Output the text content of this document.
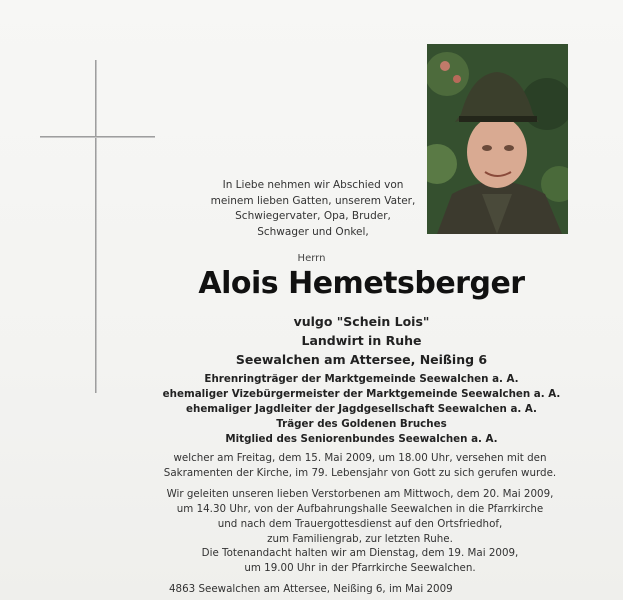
In Liebe nehmen wir Abschied von
meinem lieben Gatten, unserem Vater,
Schwiegervater, Opa, Bruder,
Schwager und Onkel,
Herrn
Alois Hemetsberger
vulgo "Schein Lois"
Landwirt in Ruhe
Seewalchen am Attersee, Neißing 6
Ehrenringträger der Marktgemeinde Seewalchen a. A.
ehemaliger Vizebürgermeister der Marktgemeinde Seewalchen a. A.
ehemaliger Jagdleiter der Jagdgesellschaft Seewalchen a. A.
Träger des Goldenen Bruches
Mitglied des Seniorenbundes Seewalchen a. A.
welcher am Freitag, dem 15. Mai 2009, um 18.00 Uhr, versehen mit den
Sakramenten der Kirche, im 79. Lebensjahr von Gott zu sich gerufen wurde.
Wir geleiten unseren lieben Verstorbenen am Mittwoch, dem 20. Mai 2009,
um 14.30 Uhr, von der Aufbahrungshalle Seewalchen in die Pfarrkirche
und nach dem Trauergottesdienst auf den Ortsfriedhof,
zum Familiengrab, zur letzten Ruhe.
Die Totenandacht halten wir am Dienstag, dem 19. Mai 2009,
um 19.00 Uhr in der Pfarrkirche Seewalchen.
4863 Seewalchen am Attersee, Neißing 6, im Mai 2009
